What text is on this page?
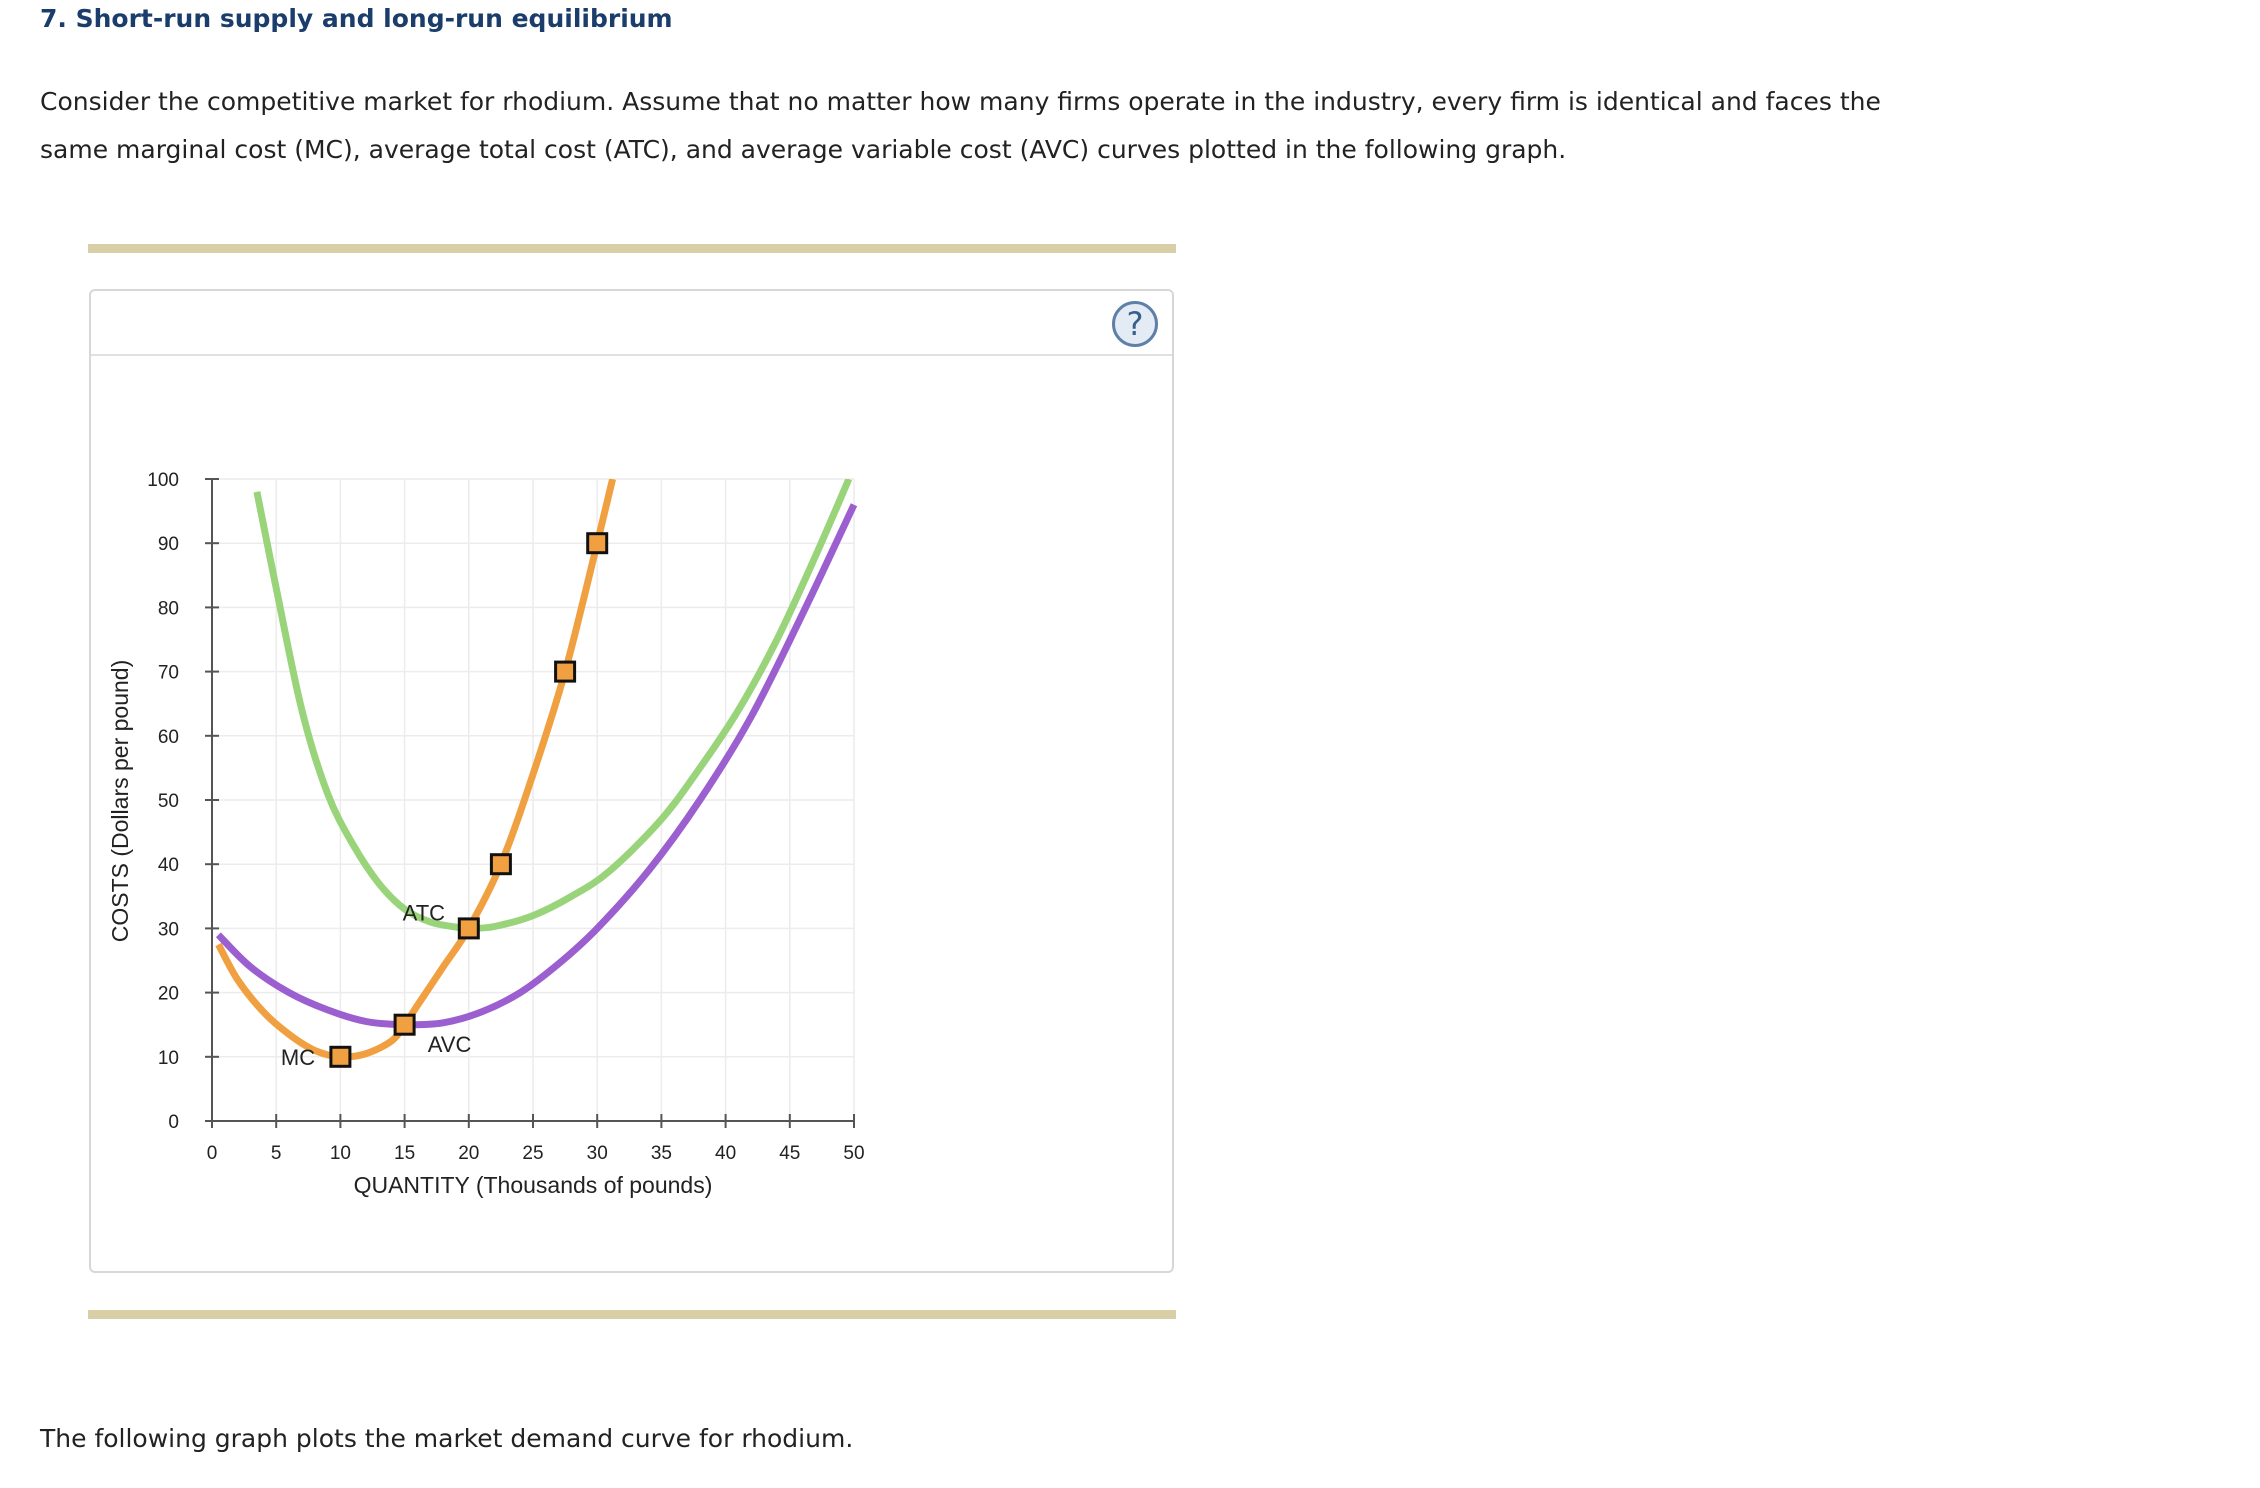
7. Short-run supply and long-run equilibrium
Consider the competitive market for rhodium. Assume that no matter how many firms operate in the industry, every firm is identical and faces the same marginal cost (MC), average total cost (ATC), and average variable cost (AVC) curves plotted in the following graph.
?
0
10
20
30
40
50
60
70
80
90
100
0	5	10 15 20 25 30 35 40 45 50
QUANTITY (Thousands of pounds)
COSTS (Dollars per pound)
MC
ATC
AVC
The following graph plots the market demand curve for rhodium.
